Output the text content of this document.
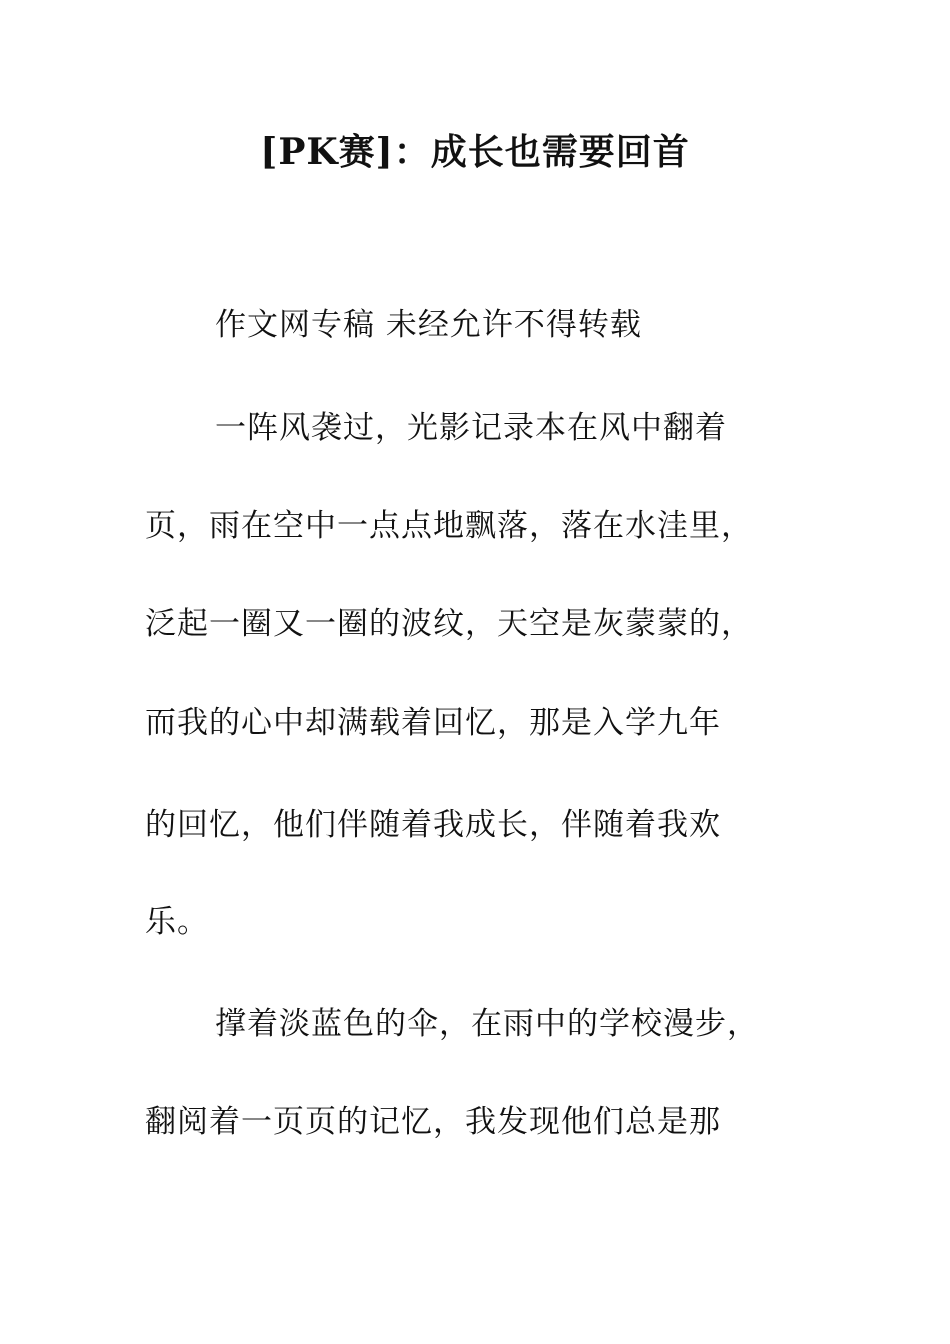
[PK赛]：成长也需要回首
作文网专稿 未经允许不得转载
一阵风袭过，光影记录本在风中翻着
页，雨在空中一点点地飘落，落在水洼里，
泛起一圈又一圈的波纹，天空是灰蒙蒙的，
而我的心中却满载着回忆，那是入学九年
的回忆，他们伴随着我成长，伴随着我欢
乐。
撑着淡蓝色的伞，在雨中的学校漫步，
翻阅着一页页的记忆，我发现他们总是那
